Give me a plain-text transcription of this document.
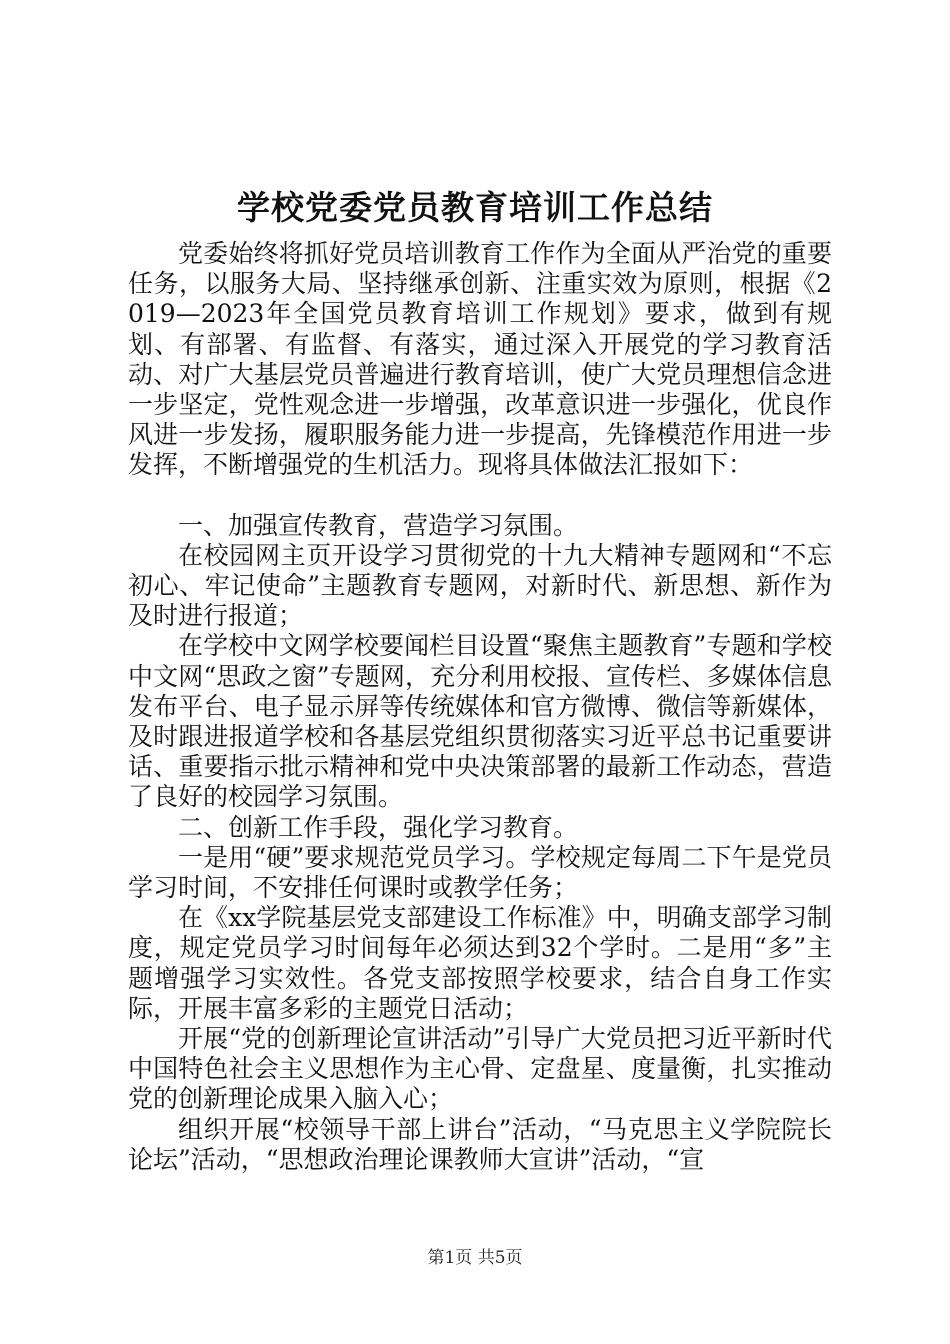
学校党委党员教育培训工作总结

党委始终将抓好党员培训教育工作作为全面从严治党的重要任务，以服务大局、坚持继承创新、注重实效为原则，根据《2019—2023年全国党员教育培训工作规划》要求，做到有规划、有部署、有监督、有落实，通过深入开展党的学习教育活动、对广大基层党员普遍进行教育培训，使广大党员理想信念进一步坚定，党性观念进一步增强，改革意识进一步强化，优良作风进一步发扬，履职服务能力进一步提高，先锋模范作用进一步发挥，不断增强党的生机活力。现将具体做法汇报如下：

一、加强宣传教育，营造学习氛围。

在校园网主页开设学习贯彻党的十九大精神专题网和“不忘初心、牢记使命”主题教育专题网，对新时代、新思想、新作为及时进行报道；

在学校中文网学校要闻栏目设置“聚焦主题教育”专题和学校中文网“思政之窗”专题网，充分利用校报、宣传栏、多媒体信息发布平台、电子显示屏等传统媒体和官方微博、微信等新媒体，及时跟进报道学校和各基层党组织贯彻落实习近平总书记重要讲话、重要指示批示精神和党中央决策部署的最新工作动态，营造了良好的校园学习氛围。

二、创新工作手段，强化学习教育。

一是用“硬”要求规范党员学习。学校规定每周二下午是党员学习时间，不安排任何课时或教学任务；

在《xx学院基层党支部建设工作标准》中，明确支部学习制度，规定党员学习时间每年必须达到32个学时。二是用“多”主题增强学习实效性。各党支部按照学校要求，结合自身工作实际，开展丰富多彩的主题党日活动；

开展“党的创新理论宣讲活动”引导广大党员把习近平新时代中国特色社会主义思想作为主心骨、定盘星、度量衡，扎实推动党的创新理论成果入脑入心；

组织开展“校领导干部上讲台”活动，“马克思主义学院院长论坛”活动，“思想政治理论课教师大宣讲”活动，“宣

第1页 共5页
